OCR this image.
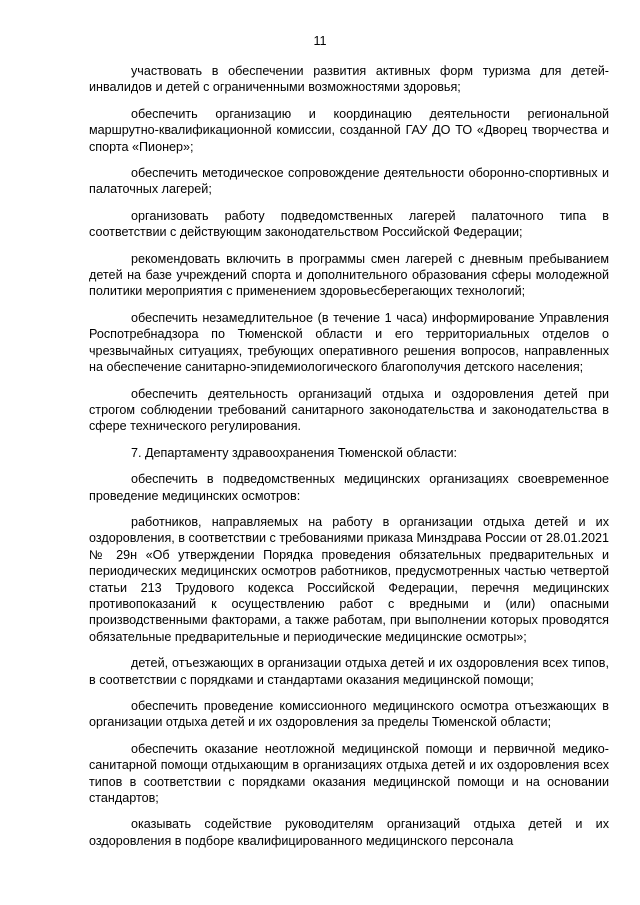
11

участвовать в обеспечении развития активных форм туризма для детей-инвалидов и детей с ограниченными возможностями здоровья;

обеспечить организацию и координацию деятельности региональной маршрутно-квалификационной комиссии, созданной ГАУ ДО ТО «Дворец творчества и спорта «Пионер»;

обеспечить методическое сопровождение деятельности оборонно-спортивных и палаточных лагерей;

организовать работу подведомственных лагерей палаточного типа в соответствии с действующим законодательством Российской Федерации;

рекомендовать включить в программы смен лагерей с дневным пребыванием детей на базе учреждений спорта и дополнительного образования сферы молодежной политики мероприятия с применением здоровьесберегающих технологий;

обеспечить незамедлительное (в течение 1 часа) информирование Управления Роспотребнадзора по Тюменской области и его территориальных отделов о чрезвычайных ситуациях, требующих оперативного решения вопросов, направленных на обеспечение санитарно-эпидемиологического благополучия детского населения;

обеспечить деятельность организаций отдыха и оздоровления детей при строгом соблюдении требований санитарного законодательства и законодательства в сфере технического регулирования.

7. Департаменту здравоохранения Тюменской области:

обеспечить в подведомственных медицинских организациях своевременное проведение медицинских осмотров:

работников, направляемых на работу в организации отдыха детей и их оздоровления, в соответствии с требованиями приказа Минздрава России от 28.01.2021 № 29н «Об утверждении Порядка проведения обязательных предварительных и периодических медицинских осмотров работников, предусмотренных частью четвертой статьи 213 Трудового кодекса Российской Федерации, перечня медицинских противопоказаний к осуществлению работ с вредными и (или) опасными производственными факторами, а также работам, при выполнении которых проводятся обязательные предварительные и периодические медицинские осмотры»;

детей, отъезжающих в организации отдыха детей и их оздоровления всех типов, в соответствии с порядками и стандартами оказания медицинской помощи;

обеспечить проведение комиссионного медицинского осмотра отъезжающих в организации отдыха детей и их оздоровления за пределы Тюменской области;

обеспечить оказание неотложной медицинской помощи и первичной медико-санитарной помощи отдыхающим в организациях отдыха детей и их оздоровления всех типов в соответствии с порядками оказания медицинской помощи и на основании стандартов;

оказывать содействие руководителям организаций отдыха детей и их оздоровления в подборе квалифицированного медицинского персонала
